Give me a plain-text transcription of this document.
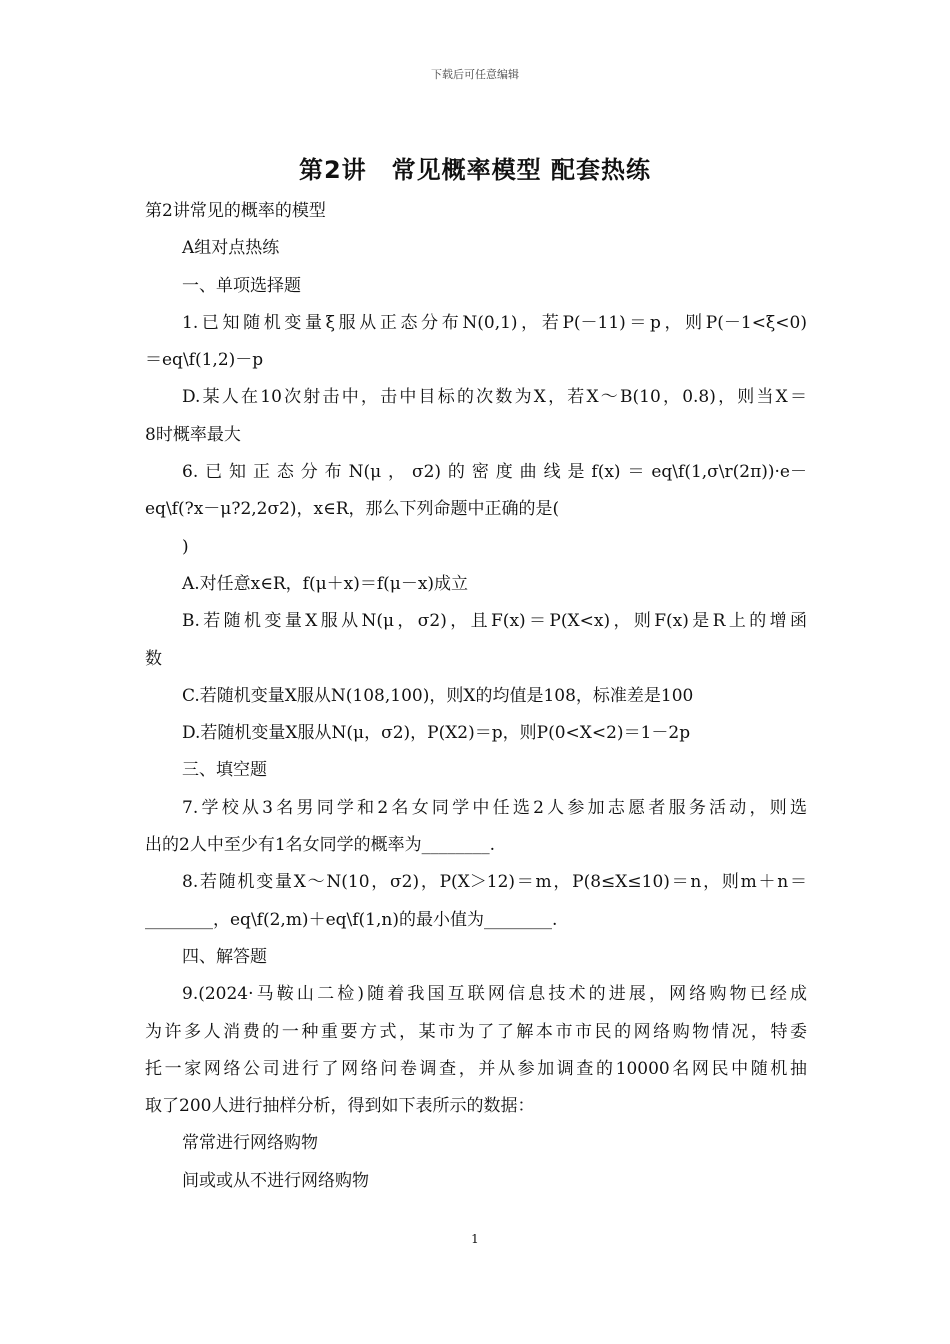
下载后可任意编辑
第2讲　常见概率模型 配套热练
第2讲常见的概率的模型
A组对点热练
一、单项选择题
1.已知随机变量ξ服从正态分布N(0,1)，若P(－11)＝p，则P(－1<ξ<0)
＝eq\f(1,2)－p
D.某人在10次射击中，击中目标的次数为X，若X～B(10，0.8)，则当X＝
8时概率最大
6.已知正态分布N(μ，σ2)的密度曲线是f(x)＝eq\f(1,σ\r(2π))·e－
eq\f(?x－μ?2,2σ2)，x∈R，那么下列命题中正确的是(
)
A.对任意x∈R，f(μ＋x)＝f(μ－x)成立
B.若随机变量X服从N(μ，σ2)，且F(x)＝P(X<x)，则F(x)是R上的增函
数
C.若随机变量X服从N(108,100)，则X的均值是108，标准差是100
D.若随机变量X服从N(μ，σ2)，P(X2)＝p，则P(0<X<2)＝1－2p
三、填空题
7.学校从3名男同学和2名女同学中任选2人参加志愿者服务活动，则选
出的2人中至少有1名女同学的概率为________.
8.若随机变量X～N(10，σ2)，P(X＞12)＝m，P(8≤X≤10)＝n，则m＋n＝
________，eq\f(2,m)＋eq\f(1,n)的最小值为________.
四、解答题
9.(2024·马鞍山二检)随着我国互联网信息技术的进展，网络购物已经成
为许多人消费的一种重要方式，某市为了了解本市市民的网络购物情况，特委
托一家网络公司进行了网络问卷调查，并从参加调查的10000名网民中随机抽
取了200人进行抽样分析，得到如下表所示的数据：
常常进行网络购物
间或或从不进行网络购物
1
